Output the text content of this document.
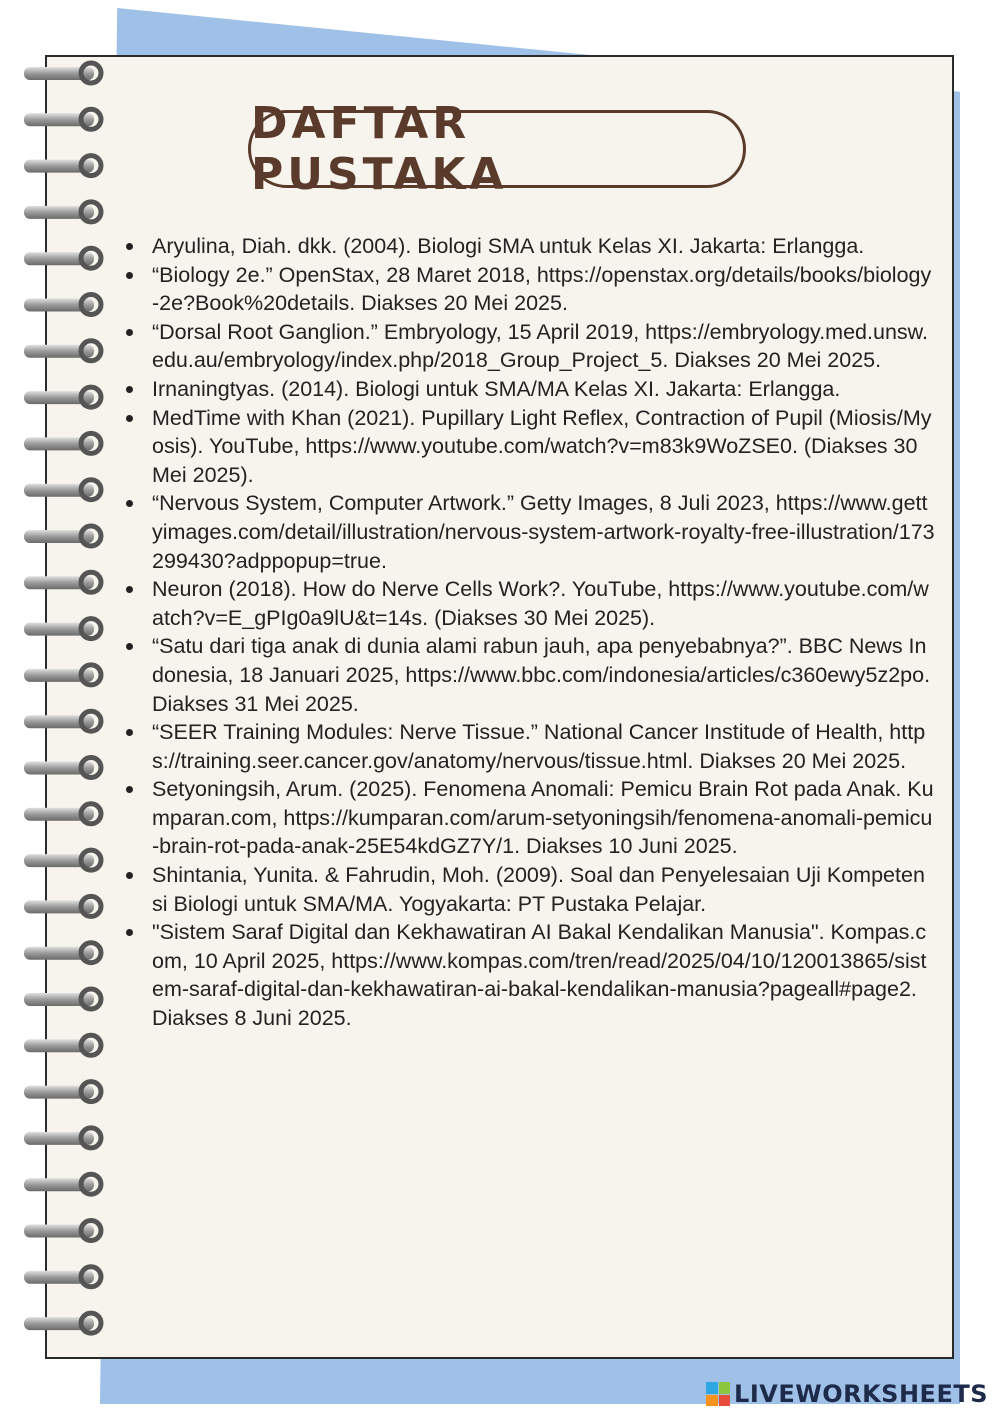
DAFTAR PUSTAKA
Aryulina, Diah. dkk. (2004). Biologi SMA untuk Kelas XI. Jakarta: Erlangga.
“Biology 2e.” OpenStax, 28 Maret 2018, https://openstax.org/details/books/biology-2e?Book%20details. Diakses 20 Mei 2025.
“Dorsal Root Ganglion.” Embryology, 15 April 2019, https://embryology.med.unsw.edu.au/embryology/index.php/2018_Group_Project_5. Diakses 20 Mei 2025.
Irnaningtyas. (2014). Biologi untuk SMA/MA Kelas XI. Jakarta: Erlangga.
MedTime with Khan (2021). Pupillary Light Reflex, Contraction of Pupil (Miosis/Myosis). YouTube, https://www.youtube.com/watch?v=m83k9WoZSE0. (Diakses 30 Mei 2025).
“Nervous System, Computer Artwork.” Getty Images, 8 Juli 2023, https://www.gettyimages.com/detail/illustration/nervous-system-artwork-royalty-free-illustration/173299430?adppopup=true.
Neuron (2018). How do Nerve Cells Work?. YouTube, https://www.youtube.com/watch?v=E_gPIg0a9lU&t=14s. (Diakses 30 Mei 2025).
“Satu dari tiga anak di dunia alami rabun jauh, apa penyebabnya?”. BBC News Indonesia, 18 Januari 2025, https://www.bbc.com/indonesia/articles/c360ewy5z2po. Diakses 31 Mei 2025.
“SEER Training Modules: Nerve Tissue.” National Cancer Institude of Health, https://training.seer.cancer.gov/anatomy/nervous/tissue.html. Diakses 20 Mei 2025.
Setyoningsih, Arum. (2025). Fenomena Anomali: Pemicu Brain Rot pada Anak. Kumparan.com, https://kumparan.com/arum-setyoningsih/fenomena-anomali-pemicu-brain-rot-pada-anak-25E54kdGZ7Y/1. Diakses 10 Juni 2025.
Shintania, Yunita. & Fahrudin, Moh. (2009). Soal dan Penyelesaian Uji Kompetensi Biologi untuk SMA/MA. Yogyakarta: PT Pustaka Pelajar.
"Sistem Saraf Digital dan Kekhawatiran AI Bakal Kendalikan Manusia". Kompas.com, 10 April 2025, https://www.kompas.com/tren/read/2025/04/10/120013865/sistem-saraf-digital-dan-kekhawatiran-ai-bakal-kendalikan-manusia?pageall#page2. Diakses 8 Juni 2025.
LIVEWORKSHEETS
